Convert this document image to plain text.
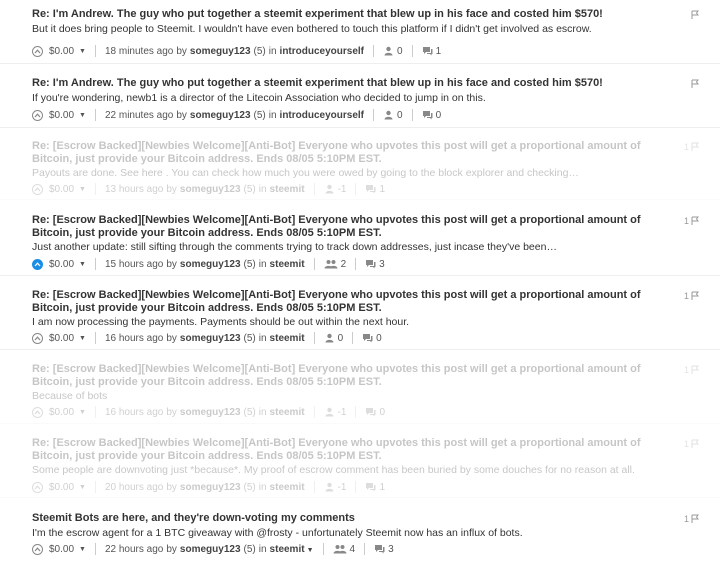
Re: I'm Andrew. The guy who put together a steemit experiment that blew up in his face and costed him $570!
But it does bring people to Steemit. I wouldn't have even bothered to touch this platform if I didn't get involved as escrow.
$0.00 ▼ 18 minutes ago by someguy123 (5) in introduceyourself	0	1
Re: I'm Andrew. The guy who put together a steemit experiment that blew up in his face and costed him $570!
If you're wondering, newb1 is a director of the Litecoin Association who decided to jump in on this.
$0.00 ▼ 22 minutes ago by someguy123 (5) in introduceyourself	0	0
Re: [Escrow Backed][Newbies Welcome][Anti-Bot] Everyone who upvotes this post will get a proportional amount of Bitcoin, just provide your Bitcoin address. Ends 08/05 5:10PM EST.
1
Payouts are done. See here . You can check how much you were owed by going to the block explorer and checking…
$0.00 ▼ 13 hours ago by someguy123 (5) in steemit	-1	1
Re: [Escrow Backed][Newbies Welcome][Anti-Bot] Everyone who upvotes this post will get a proportional amount of Bitcoin, just provide your Bitcoin address. Ends 08/05 5:10PM EST.
1
Just another update: still sifting through the comments trying to track down addresses, just incase they've been…
$0.00 ▼ 15 hours ago by someguy123 (5) in steemit	2	3
Re: [Escrow Backed][Newbies Welcome][Anti-Bot] Everyone who upvotes this post will get a proportional amount of Bitcoin, just provide your Bitcoin address. Ends 08/05 5:10PM EST.
1
I am now processing the payments. Payments should be out within the next hour.
$0.00 ▼ 16 hours ago by someguy123 (5) in steemit	0	0
Re: [Escrow Backed][Newbies Welcome][Anti-Bot] Everyone who upvotes this post will get a proportional amount of Bitcoin, just provide your Bitcoin address. Ends 08/05 5:10PM EST.
1
Because of bots
$0.00 ▼ 16 hours ago by someguy123 (5) in steemit	-1	0
Re: [Escrow Backed][Newbies Welcome][Anti-Bot] Everyone who upvotes this post will get a proportional amount of Bitcoin, just provide your Bitcoin address. Ends 08/05 5:10PM EST.
1
Some people are downvoting just *because*. My proof of escrow comment has been buried by some douches for no reason at all.
$0.00 ▼ 20 hours ago by someguy123 (5) in steemit	-1	1
Steemit Bots are here, and they're down-voting my comments	1
I'm the escrow agent for a 1 BTC giveaway with @frosty - unfortunately Steemit now has an influx of bots.
$0.00 ▼ 22 hours ago by someguy123 (5) in steemit ▼	4	3
